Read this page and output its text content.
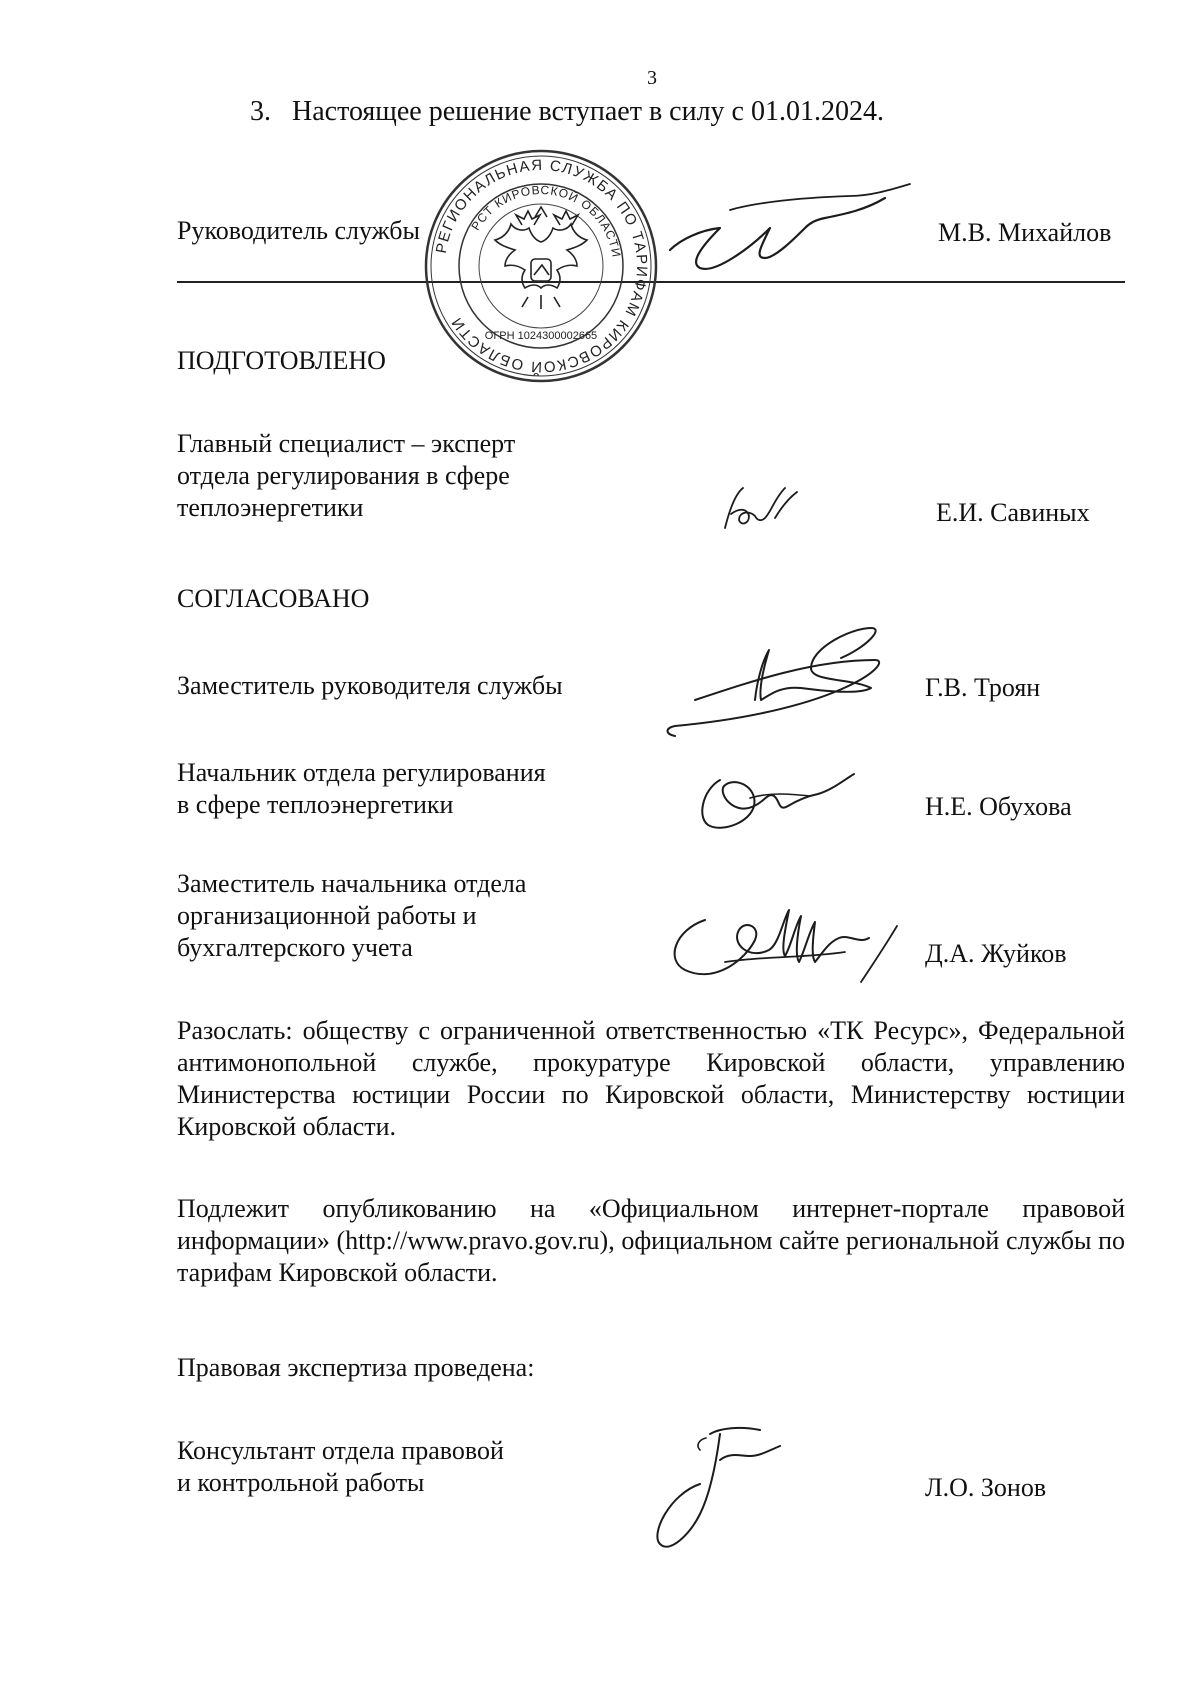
3
3. Настоящее решение вступает в силу с 01.01.2024.
Руководитель службы	М.В. Михайлов
РЕГИОНАЛЬНАЯ СЛУЖБА ПО ТАРИФАМ КИРОВСКОЙ ОБЛАСТИ
РСТ КИРОВСКОЙ ОБЛАСТИ
ОГРН 1024300002665
ПОДГОТОВЛЕНО
Главный специалист – эксперт
отдела регулирования в сфере
теплоэнергетики	Е.И. Савиных
СОГЛАСОВАНО
Заместитель руководителя службы	Г.В. Троян
Начальник отдела регулирования
в сфере теплоэнергетики	Н.Е. Обухова
Заместитель начальника отдела
организационной работы и
бухгалтерского учета	Д.А. Жуйков
Разослать: обществу с ограниченной ответственностью «ТК Ресурс», Федеральной антимонопольной службе, прокуратуре Кировской области, управлению Министерства юстиции России по Кировской области, Министерству юстиции Кировской области.
Подлежит опубликованию на «Официальном интернет-портале правовой информации» (http://www.pravo.gov.ru), официальном сайте региональной службы по тарифам Кировской области.
Правовая экспертиза проведена:
Консультант отдела правовой
и контрольной работы	Л.О. Зонов
